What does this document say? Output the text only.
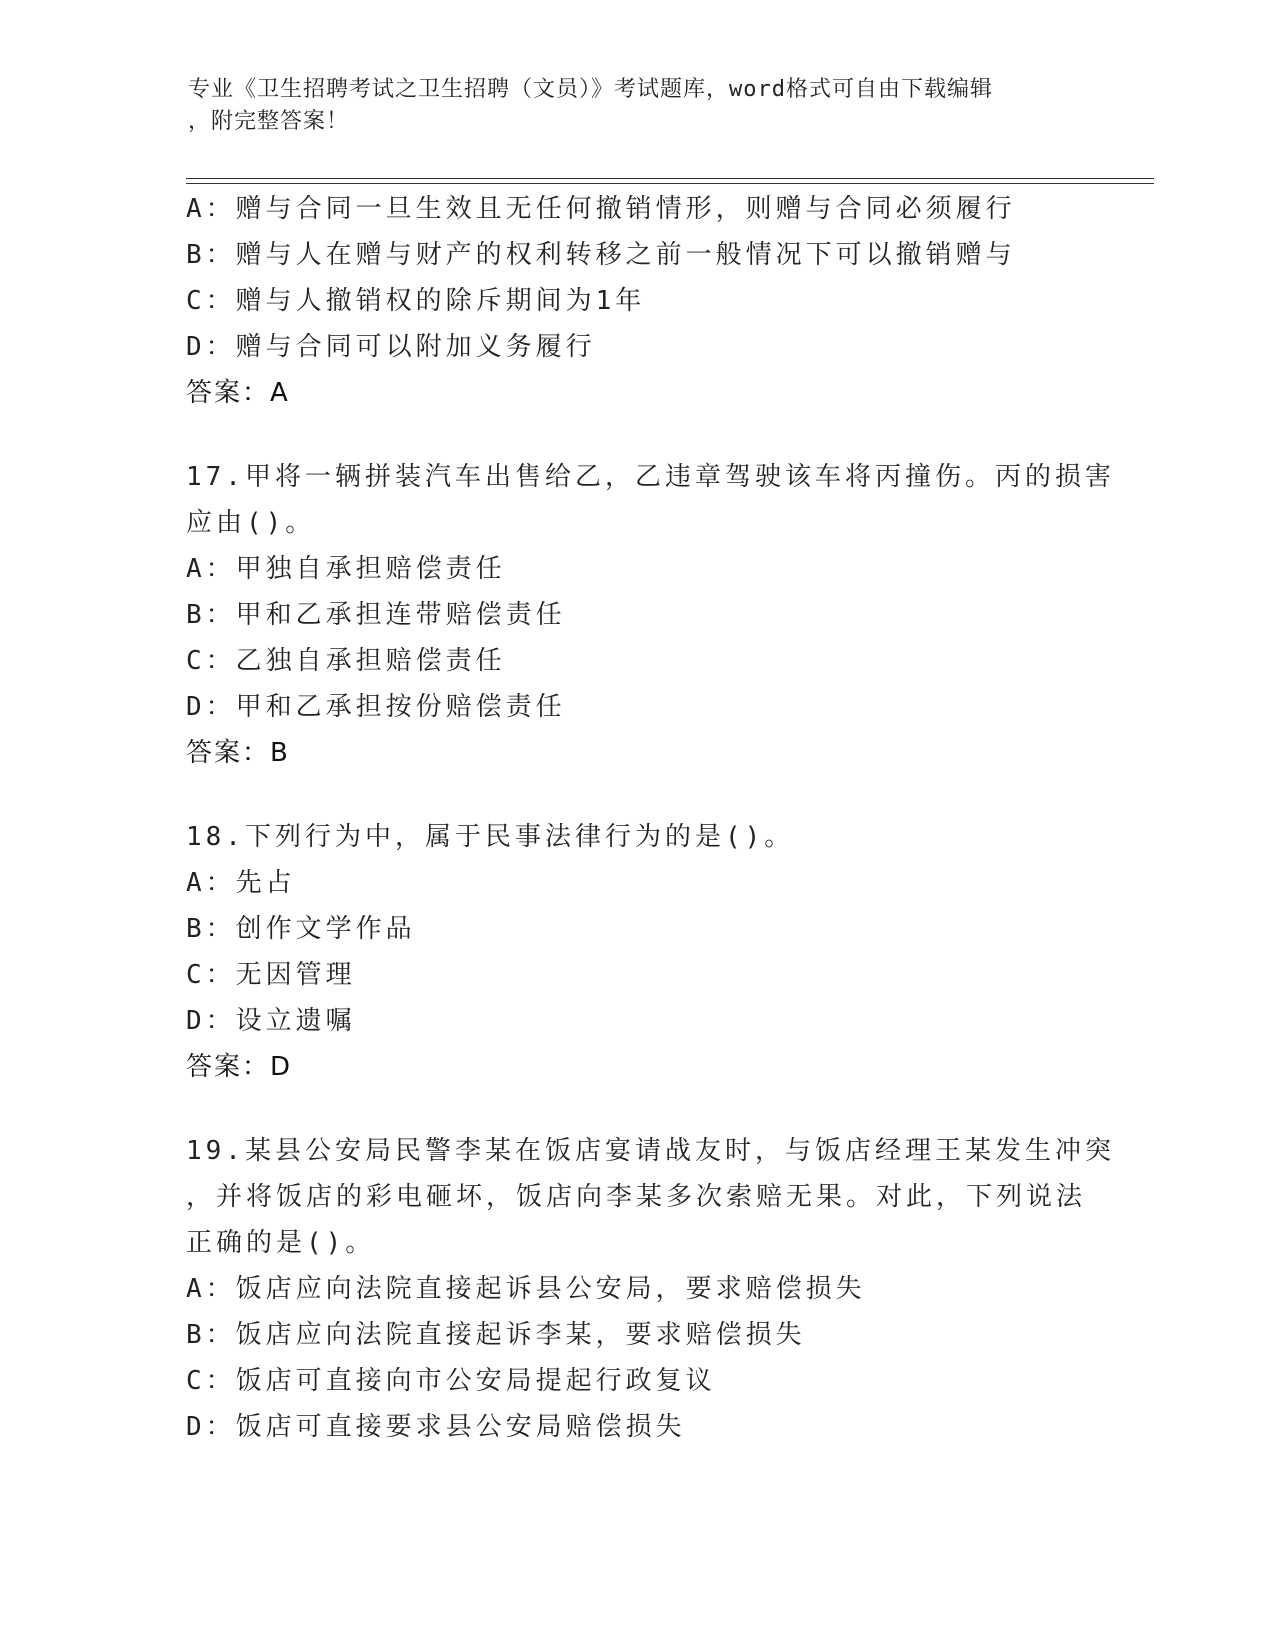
专业《卫生招聘考试之卫生招聘（文员）》考试题库，word格式可自由下载编辑
，附完整答案！
A：赠与合同一旦生效且无任何撤销情形，则赠与合同必须履行
B：赠与人在赠与财产的权利转移之前一般情况下可以撤销赠与
C：赠与人撤销权的除斥期间为1年
D：赠与合同可以附加义务履行
答案：A
17.甲将一辆拼装汽车出售给乙，乙违章驾驶该车将丙撞伤。丙的损害
应由()。
A：甲独自承担赔偿责任
B：甲和乙承担连带赔偿责任
C：乙独自承担赔偿责任
D：甲和乙承担按份赔偿责任
答案：B
18.下列行为中，属于民事法律行为的是()。
A：先占
B：创作文学作品
C：无因管理
D：设立遗嘱
答案：D
19.某县公安局民警李某在饭店宴请战友时，与饭店经理王某发生冲突
，并将饭店的彩电砸坏，饭店向李某多次索赔无果。对此，下列说法
正确的是()。
A：饭店应向法院直接起诉县公安局，要求赔偿损失
B：饭店应向法院直接起诉李某，要求赔偿损失
C：饭店可直接向市公安局提起行政复议
D：饭店可直接要求县公安局赔偿损失
